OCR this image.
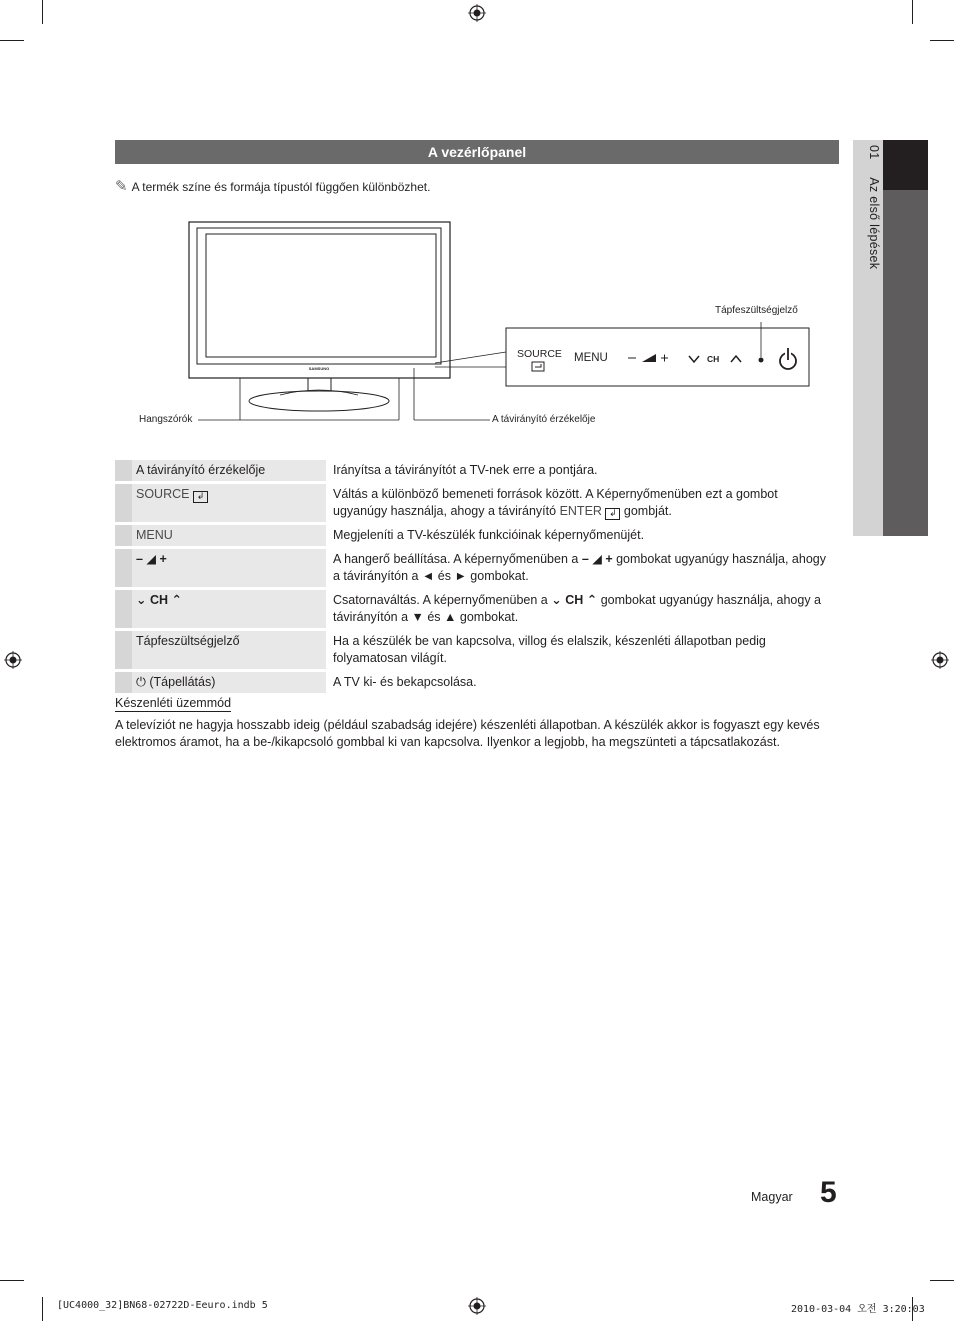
01 Az első lépések
A vezérlőpanel
✎ A termék színe és formája típustól függően különbözhet.
SAMSUNG
Tápfeszültségjelző
Hangszórók	A távirányító érzékelője
SOURCE MENU	CH
	A távirányító érzékelője		Irányítsa a távirányítót a TV-nek erre a pontjára.
	SOURCE ↲		Váltás a különböző bemeneti források között. A Képernyőmenüben ezt a gombot ugyanúgy használja, ahogy a távirányító ENTER ↲ gombját.
	MENU		Megjeleníti a TV-készülék funkcióinak képernyőmenüjét.
	– ◢ +		A hangerő beállítása. A képernyőmenüben a – ◢ + gombokat ugyanúgy használja, ahogy a távirányítón a ◄ és ► gombokat.
	⌄ CH ⌃		Csatornaváltás. A képernyőmenüben a ⌄ CH ⌃ gombokat ugyanúgy használja, ahogy a távirányítón a ▼ és ▲ gombokat.
	Tápfeszültségjelző		Ha a készülék be van kapcsolva, villog és elalszik, készenléti állapotban pedig folyamatosan világít.
	⏻ (Tápellátás)		A TV ki- és bekapcsolása.
Készenléti üzemmód
A televíziót ne hagyja hosszabb ideig (például szabadság idejére) készenléti állapotban. A készülék akkor is fogyaszt egy kevés elektromos áramot, ha a be-/kikapcsoló gombbal ki van kapcsolva. Ilyenkor a legjobb, ha megszünteti a tápcsatlakozást.
Magyar 5
[UC4000_32]BN68-02722D-Eeuro.indb 5	2010-03-04 오전 3:20:03
